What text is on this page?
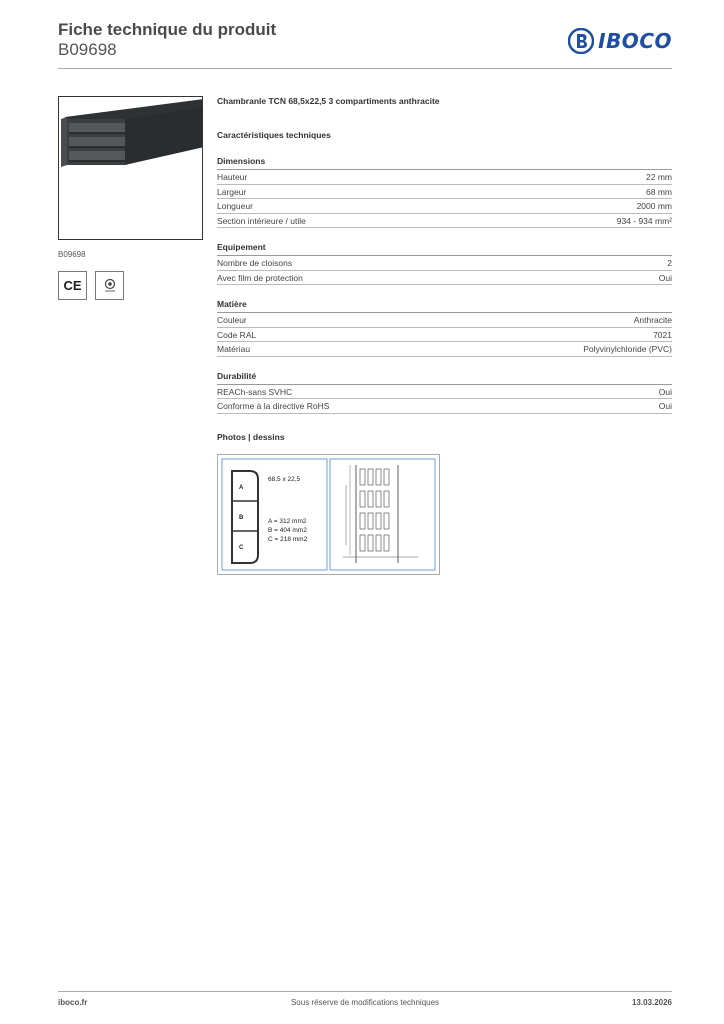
Fiche technique du produit
B09698	IBOCO
B09698
CE
Chambranle TCN 68,5x22,5 3 compartiments anthracite
Caractéristiques techniques
Dimensions
Hauteur	22 mm
Largeur	68 mm
Longueur	2000 mm
Section intérieure / utile	934 - 934 mm²
Equipement
Nombre de cloisons	2
Avec film de protection	Oui
Matière
Couleur	Anthracite
Code RAL	7021
Matériau	Polyvinylchloride (PVC)
Durabilité
REACh-sans SVHC	Oui
Conforme à la directive RoHS	Oui
Photos | dessins
A
B
C
68,5 x 22,5
A = 312 mm2
B = 404 mm2
C = 218 mm2
iboco.fr	Sous réserve de modifications techniques	13.03.2026
